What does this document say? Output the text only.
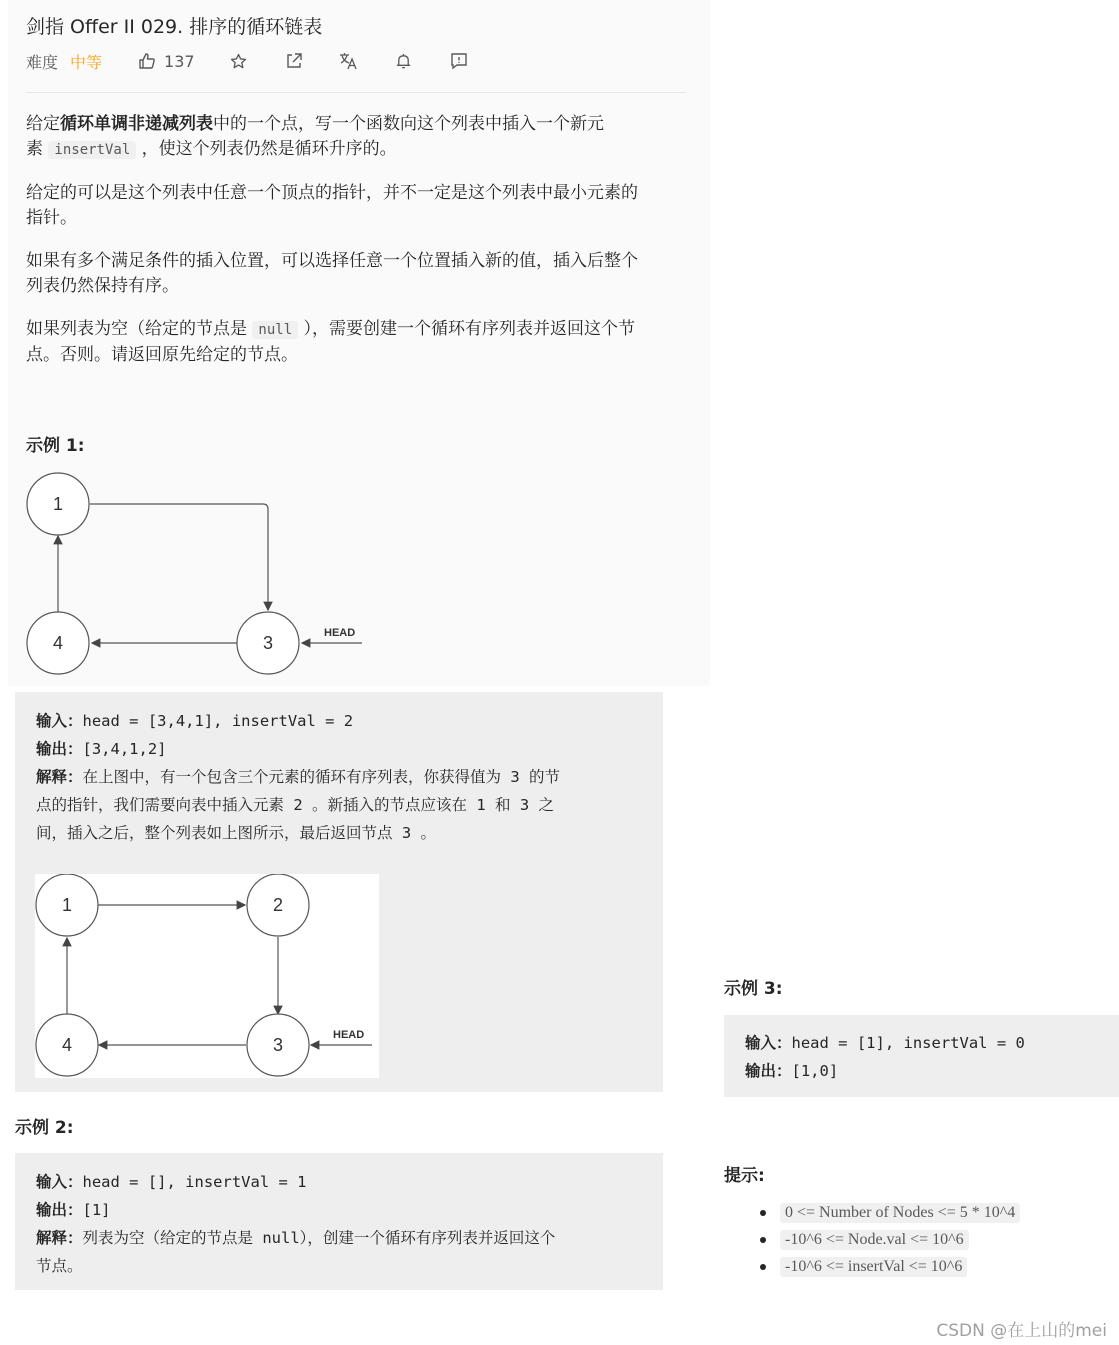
剑指 Offer II 029. 排序的循环链表
难度 中等	137
给定循环单调非递减列表中的一个点，写一个函数向这个列表中插入一个新元
素 insertVal ，使这个列表仍然是循环升序的。
给定的可以是这个列表中任意一个顶点的指针，并不一定是这个列表中最小元素的
指针。
如果有多个满足条件的插入位置，可以选择任意一个位置插入新的值，插入后整个
列表仍然保持有序。
如果列表为空（给定的节点是 null ），需要创建一个循环有序列表并返回这个节
点。否则。请返回原先给定的节点。
示例 1:
1
3
4	HEAD
输入：head = [3,4,1], insertVal = 2
输出：[3,4,1,2]
解释：在上图中，有一个包含三个元素的循环有序列表，你获得值为 3 的节
点的指针，我们需要向表中插入元素 2 。新插入的节点应该在 1 和 3 之
间，插入之后，整个列表如上图所示，最后返回节点 3 。
1	2
3
4	HEAD
示例 2:
输入：head = [], insertVal = 1
输出：[1]
解释：列表为空（给定的节点是 null），创建一个循环有序列表并返回这个
节点。
示例 3:
输入：head = [1], insertVal = 0
输出：[1,0]
提示:
0 <= Number of Nodes <= 5 * 10^4
-10^6 <= Node.val <= 10^6
-10^6 <= insertVal <= 10^6
CSDN @在上山的mei
